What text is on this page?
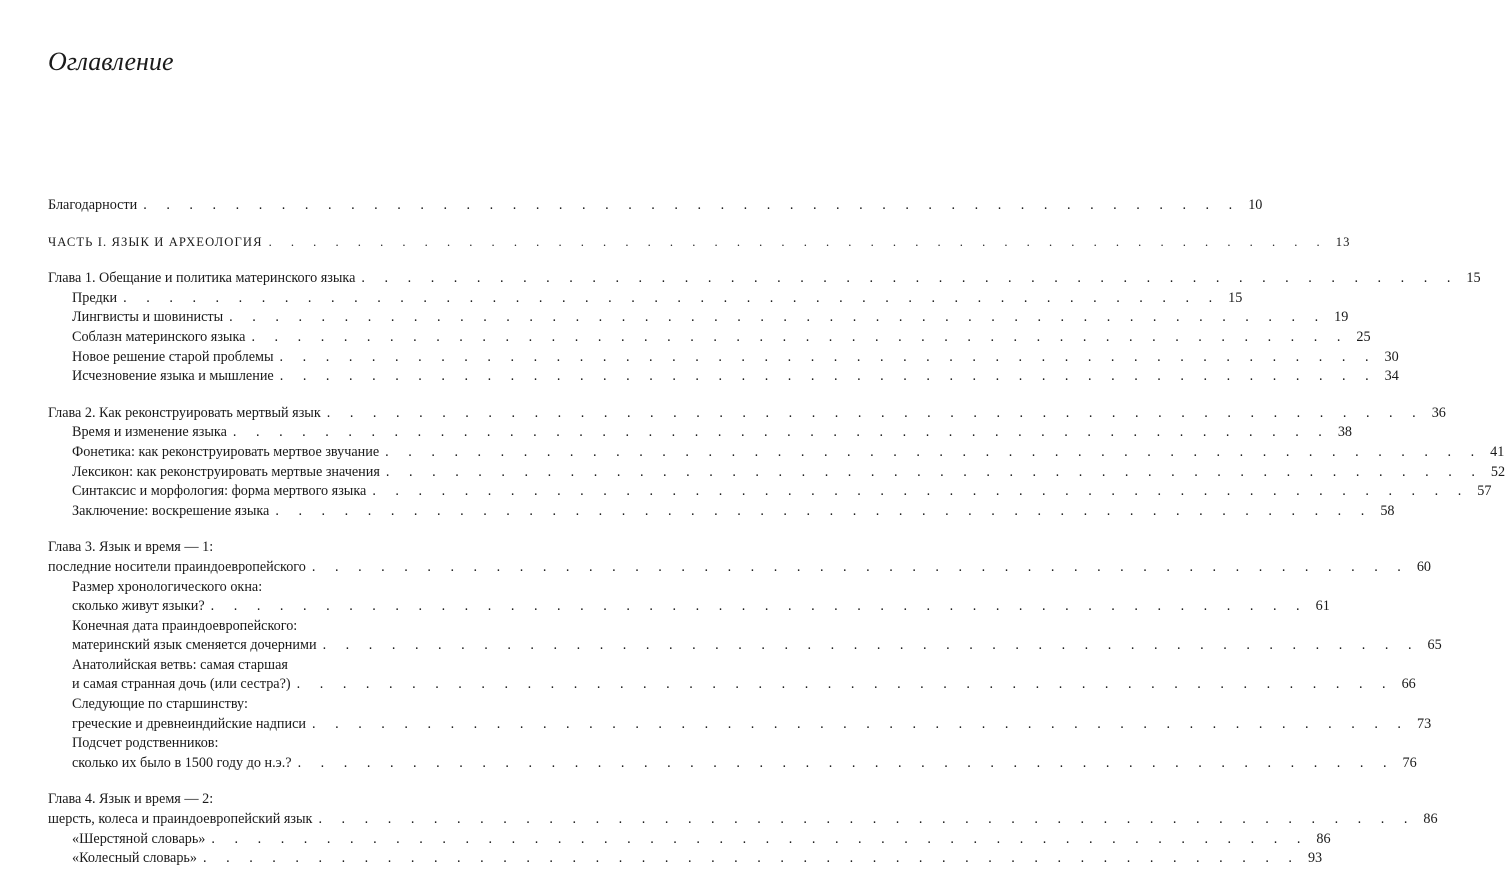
Оглавление
Благодарности . . . . . . . . . . . . . . . . . . . . . . . . . . . . . . . . . . . . . . . . . . . . . . . . 10
ЧАСТЬ I. ЯЗЫК И АРХЕОЛОГИЯ . . . . . . . . . . . . . . . . . . . . . . . . . . . . . . . . . . . . . . . . . . . . . . . . 13
Глава 1. Обещание и политика материнского языка . . . . . . . . . . . . . . . . . . . . . . . . . . . . . . . . . . . . . . . . . . . . . . . . 15
Предки . . . . . . . . . . . . . . . . . . . . . . . . . . . . . . . . . . . . . . . . . . . . . . . . 15
Лингвисты и шовинисты . . . . . . . . . . . . . . . . . . . . . . . . . . . . . . . . . . . . . . . . . . . . . . . . 19
Соблазн материнского языка . . . . . . . . . . . . . . . . . . . . . . . . . . . . . . . . . . . . . . . . . . . . . . . . 25
Новое решение старой проблемы . . . . . . . . . . . . . . . . . . . . . . . . . . . . . . . . . . . . . . . . . . . . . . . . 30
Исчезновение языка и мышление . . . . . . . . . . . . . . . . . . . . . . . . . . . . . . . . . . . . . . . . . . . . . . . . 34
Глава 2. Как реконструировать мертвый язык . . . . . . . . . . . . . . . . . . . . . . . . . . . . . . . . . . . . . . . . . . . . . . . . 36
Время и изменение языка . . . . . . . . . . . . . . . . . . . . . . . . . . . . . . . . . . . . . . . . . . . . . . . . 38
Фонетика: как реконструировать мертвое звучание . . . . . . . . . . . . . . . . . . . . . . . . . . . . . . . . . . . . . . . . . . . . . . . . 41
Лексикон: как реконструировать мертвые значения . . . . . . . . . . . . . . . . . . . . . . . . . . . . . . . . . . . . . . . . . . . . . . . . 52
Синтаксис и морфология: форма мертвого языка . . . . . . . . . . . . . . . . . . . . . . . . . . . . . . . . . . . . . . . . . . . . . . . . 57
Заключение: воскрешение языка . . . . . . . . . . . . . . . . . . . . . . . . . . . . . . . . . . . . . . . . . . . . . . . . 58
Глава 3. Язык и время — 1:
последние носители праиндоевропейского . . . . . . . . . . . . . . . . . . . . . . . . . . . . . . . . . . . . . . . . . . . . . . . . 60
Размер хронологического окна:
сколько живут языки? . . . . . . . . . . . . . . . . . . . . . . . . . . . . . . . . . . . . . . . . . . . . . . . . 61
Конечная дата праиндоевропейского:
материнский язык сменяется дочерними . . . . . . . . . . . . . . . . . . . . . . . . . . . . . . . . . . . . . . . . . . . . . . . . 65
Анатолийская ветвь: самая старшая
и самая странная дочь (или сестра?) . . . . . . . . . . . . . . . . . . . . . . . . . . . . . . . . . . . . . . . . . . . . . . . . 66
Следующие по старшинству:
греческие и древнеиндийские надписи . . . . . . . . . . . . . . . . . . . . . . . . . . . . . . . . . . . . . . . . . . . . . . . . 73
Подсчет родственников:
сколько их было в 1500 году до н.э.? . . . . . . . . . . . . . . . . . . . . . . . . . . . . . . . . . . . . . . . . . . . . . . . . 76
Глава 4. Язык и время — 2:
шерсть, колеса и праиндоевропейский язык . . . . . . . . . . . . . . . . . . . . . . . . . . . . . . . . . . . . . . . . . . . . . . . . 86
«Шерстяной словарь» . . . . . . . . . . . . . . . . . . . . . . . . . . . . . . . . . . . . . . . . . . . . . . . . 86
«Колесный словарь» . . . . . . . . . . . . . . . . . . . . . . . . . . . . . . . . . . . . . . . . . . . . . . . . 93
